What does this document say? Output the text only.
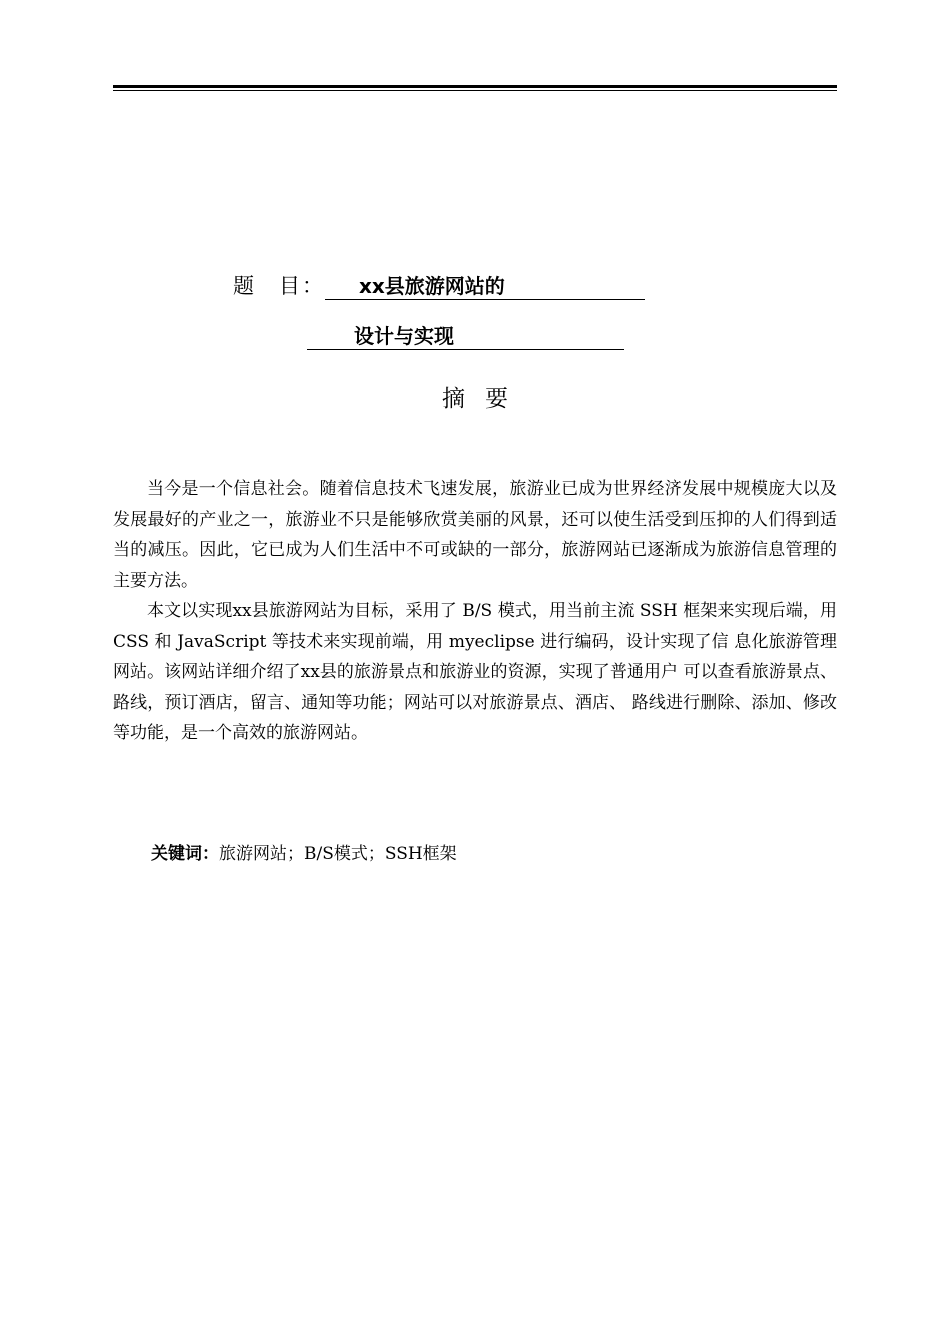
题　目： xx县旅游网站的
设计与实现
摘要

当今是一个信息社会。随着信息技术飞速发展，旅游业已成为世界经济发展中规模庞大以及发展最好的产业之一，旅游业不只是能够欣赏美丽的风景，还可以使生活受到压抑的人们得到适当的减压。因此，它已成为人们生活中不可或缺的一部分，旅游网站已逐渐成为旅游信息管理的主要方法。

本文以实现xx县旅游网站为目标，采用了 B/S 模式，用当前主流 SSH 框架来实现后端，用 CSS 和 JavaScript 等技术来实现前端，用 myeclipse 进行编码，设计实现了信 息化旅游管理网站。该网站详细介绍了xx县的旅游景点和旅游业的资源，实现了普通用户 可以查看旅游景点、路线，预订酒店，留言、通知等功能；网站可以对旅游景点、酒店、 路线进行删除、添加、修改等功能，是一个高效的旅游网站。

关键词：旅游网站；B/S模式；SSH框架
